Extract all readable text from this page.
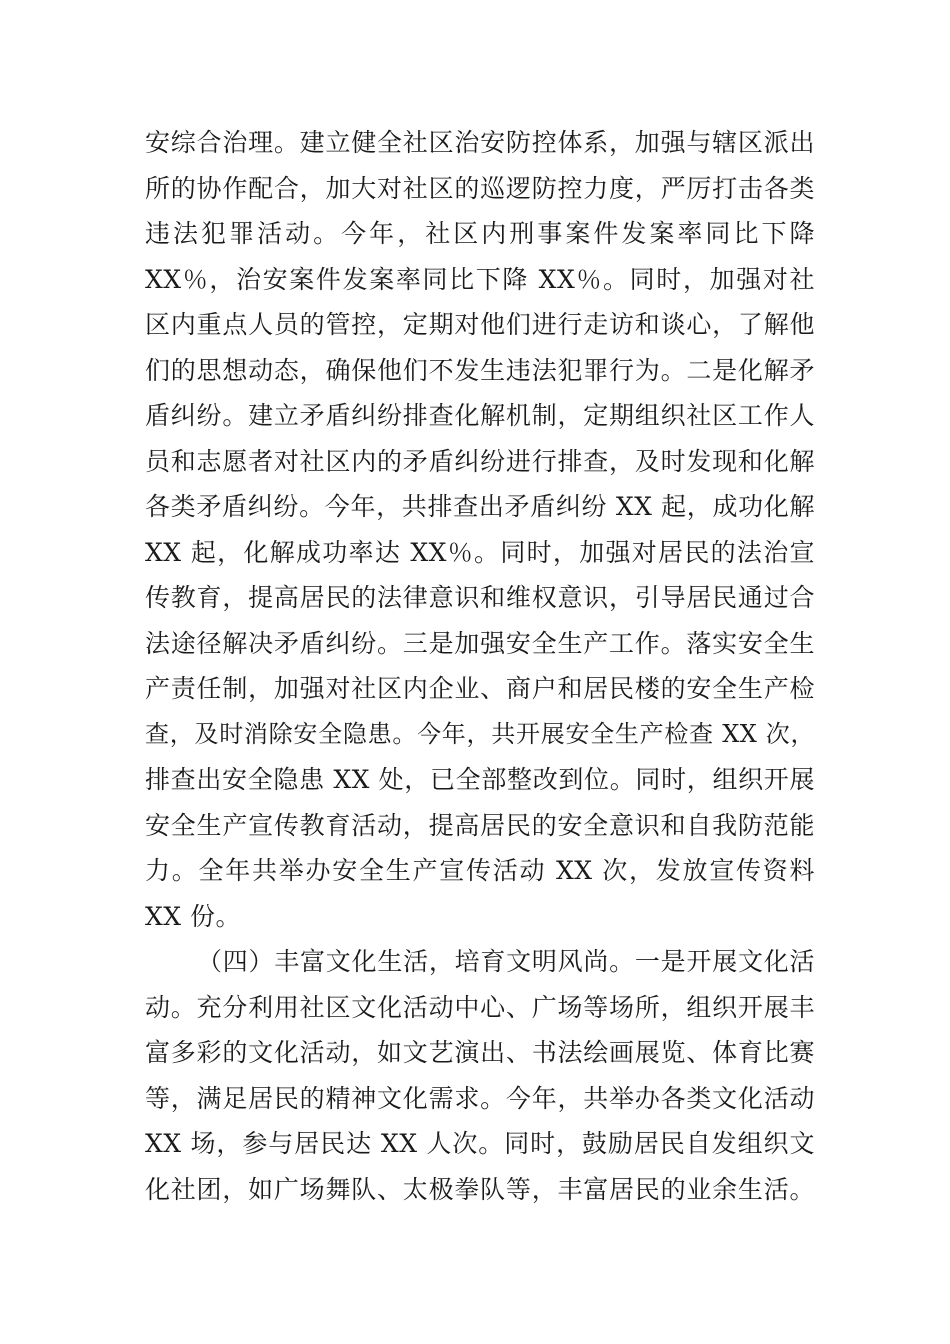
安综合治理。建立健全社区治安防控体系，加强与辖区派出
所的协作配合，加大对社区的巡逻防控力度，严厉打击各类
违法犯罪活动。今年，社区内刑事案件发案率同比下降
XX％，治安案件发案率同比下降 XX％。同时，加强对社
区内重点人员的管控，定期对他们进行走访和谈心，了解他
们的思想动态，确保他们不发生违法犯罪行为。二是化解矛
盾纠纷。建立矛盾纠纷排查化解机制，定期组织社区工作人
员和志愿者对社区内的矛盾纠纷进行排查，及时发现和化解
各类矛盾纠纷。今年，共排查出矛盾纠纷 XX 起，成功化解
XX 起，化解成功率达 XX％。同时，加强对居民的法治宣
传教育，提高居民的法律意识和维权意识，引导居民通过合
法途径解决矛盾纠纷。三是加强安全生产工作。落实安全生
产责任制，加强对社区内企业、商户和居民楼的安全生产检
查，及时消除安全隐患。今年，共开展安全生产检查 XX 次，
排查出安全隐患 XX 处，已全部整改到位。同时，组织开展
安全生产宣传教育活动，提高居民的安全意识和自我防范能
力。全年共举办安全生产宣传活动 XX 次，发放宣传资料
XX 份。
（四）丰富文化生活，培育文明风尚。一是开展文化活
动。充分利用社区文化活动中心、广场等场所，组织开展丰
富多彩的文化活动，如文艺演出、书法绘画展览、体育比赛
等，满足居民的精神文化需求。今年，共举办各类文化活动
XX 场，参与居民达 XX 人次。同时，鼓励居民自发组织文
化社团，如广场舞队、太极拳队等，丰富居民的业余生活。
